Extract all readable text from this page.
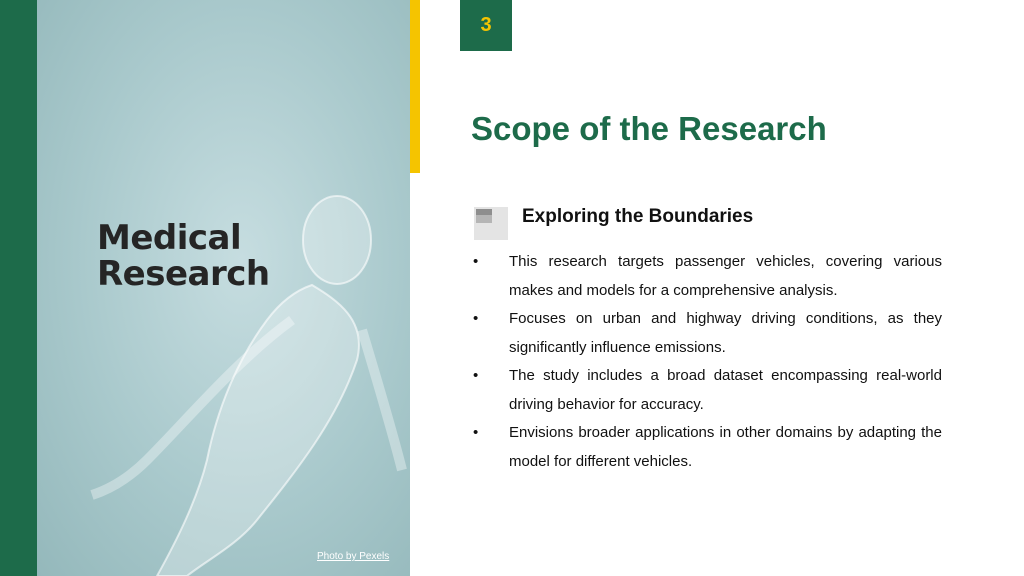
Medical
Research

Photo by Pexels
3
Scope of the Research
Exploring the Boundaries
• This research targets passenger vehicles, covering various makes and models for a comprehensive analysis.
• Focuses on urban and highway driving conditions, as they significantly influence emissions.
• The study includes a broad dataset encompassing real-world driving behavior for accuracy.
• Envisions broader applications in other domains by adapting the model for different vehicles.
